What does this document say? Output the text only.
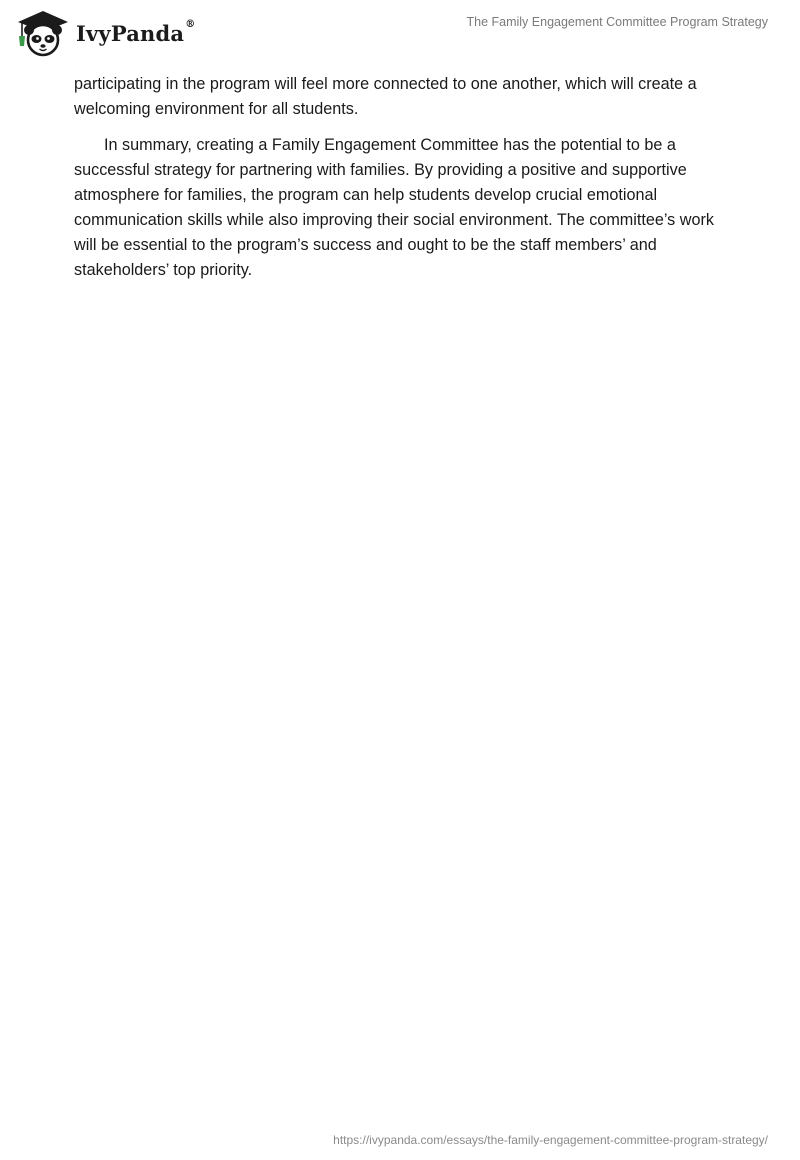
IvyPanda®	The Family Engagement Committee Program Strategy

participating in the program will feel more connected to one another, which will create a welcoming environment for all students.

In summary, creating a Family Engagement Committee has the potential to be a successful strategy for partnering with families. By providing a positive and supportive atmosphere for families, the program can help students develop crucial emotional communication skills while also improving their social environment. The committee’s work will be essential to the program’s success and ought to be the staff members’ and stakeholders’ top priority.

https://ivypanda.com/essays/the-family-engagement-committee-program-strategy/
